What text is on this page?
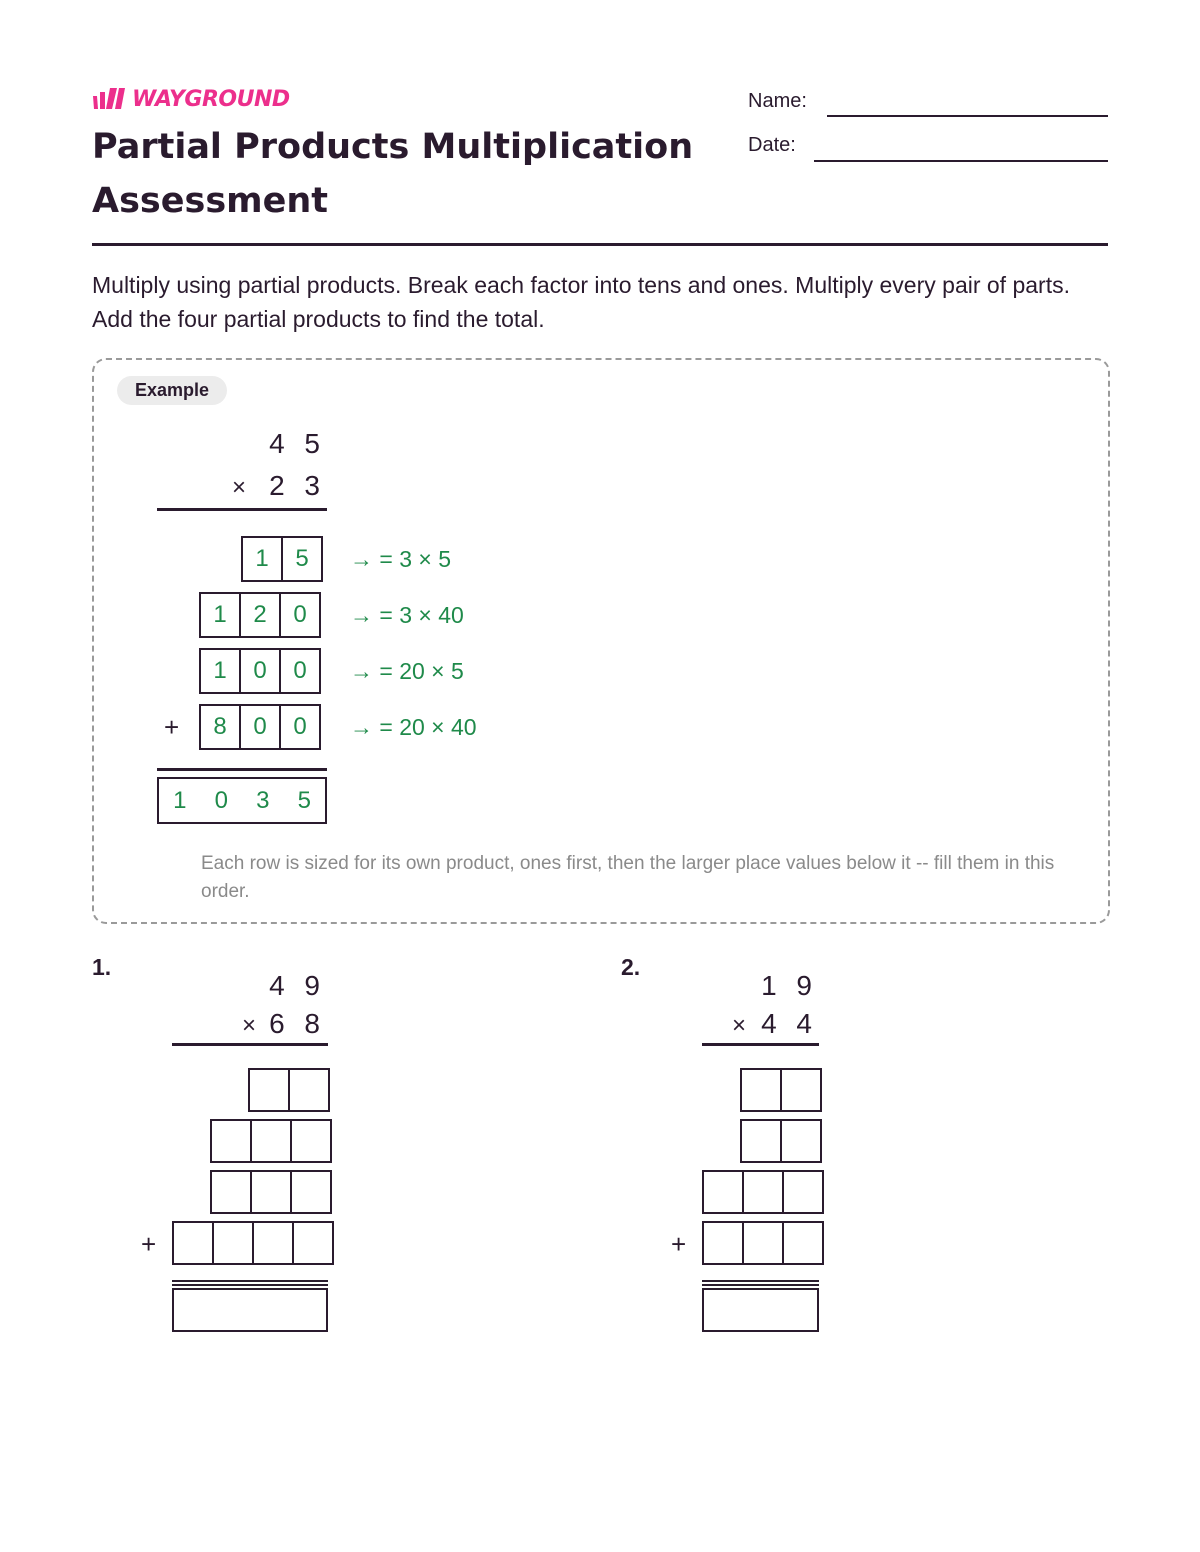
WAYGROUND
Partial Products Multiplication Assessment
Name:
Date:

Multiply using partial products. Break each factor into tens and ones. Multiply every pair of parts. Add the four partial products to find the total.

Example
4 5
× 2 3
1	5	→ = 3 × 5
1	2	0	→ = 3 × 40
1	0	0	→ = 20 × 5
+	8	0	0	→ = 20 × 40
1	0	3	5

Each row is sized for its own product, ones first, then the larger place values below it -- fill them in this order.

1.
4 9
× 6 8
+
2.
1 9
× 4 4
+
